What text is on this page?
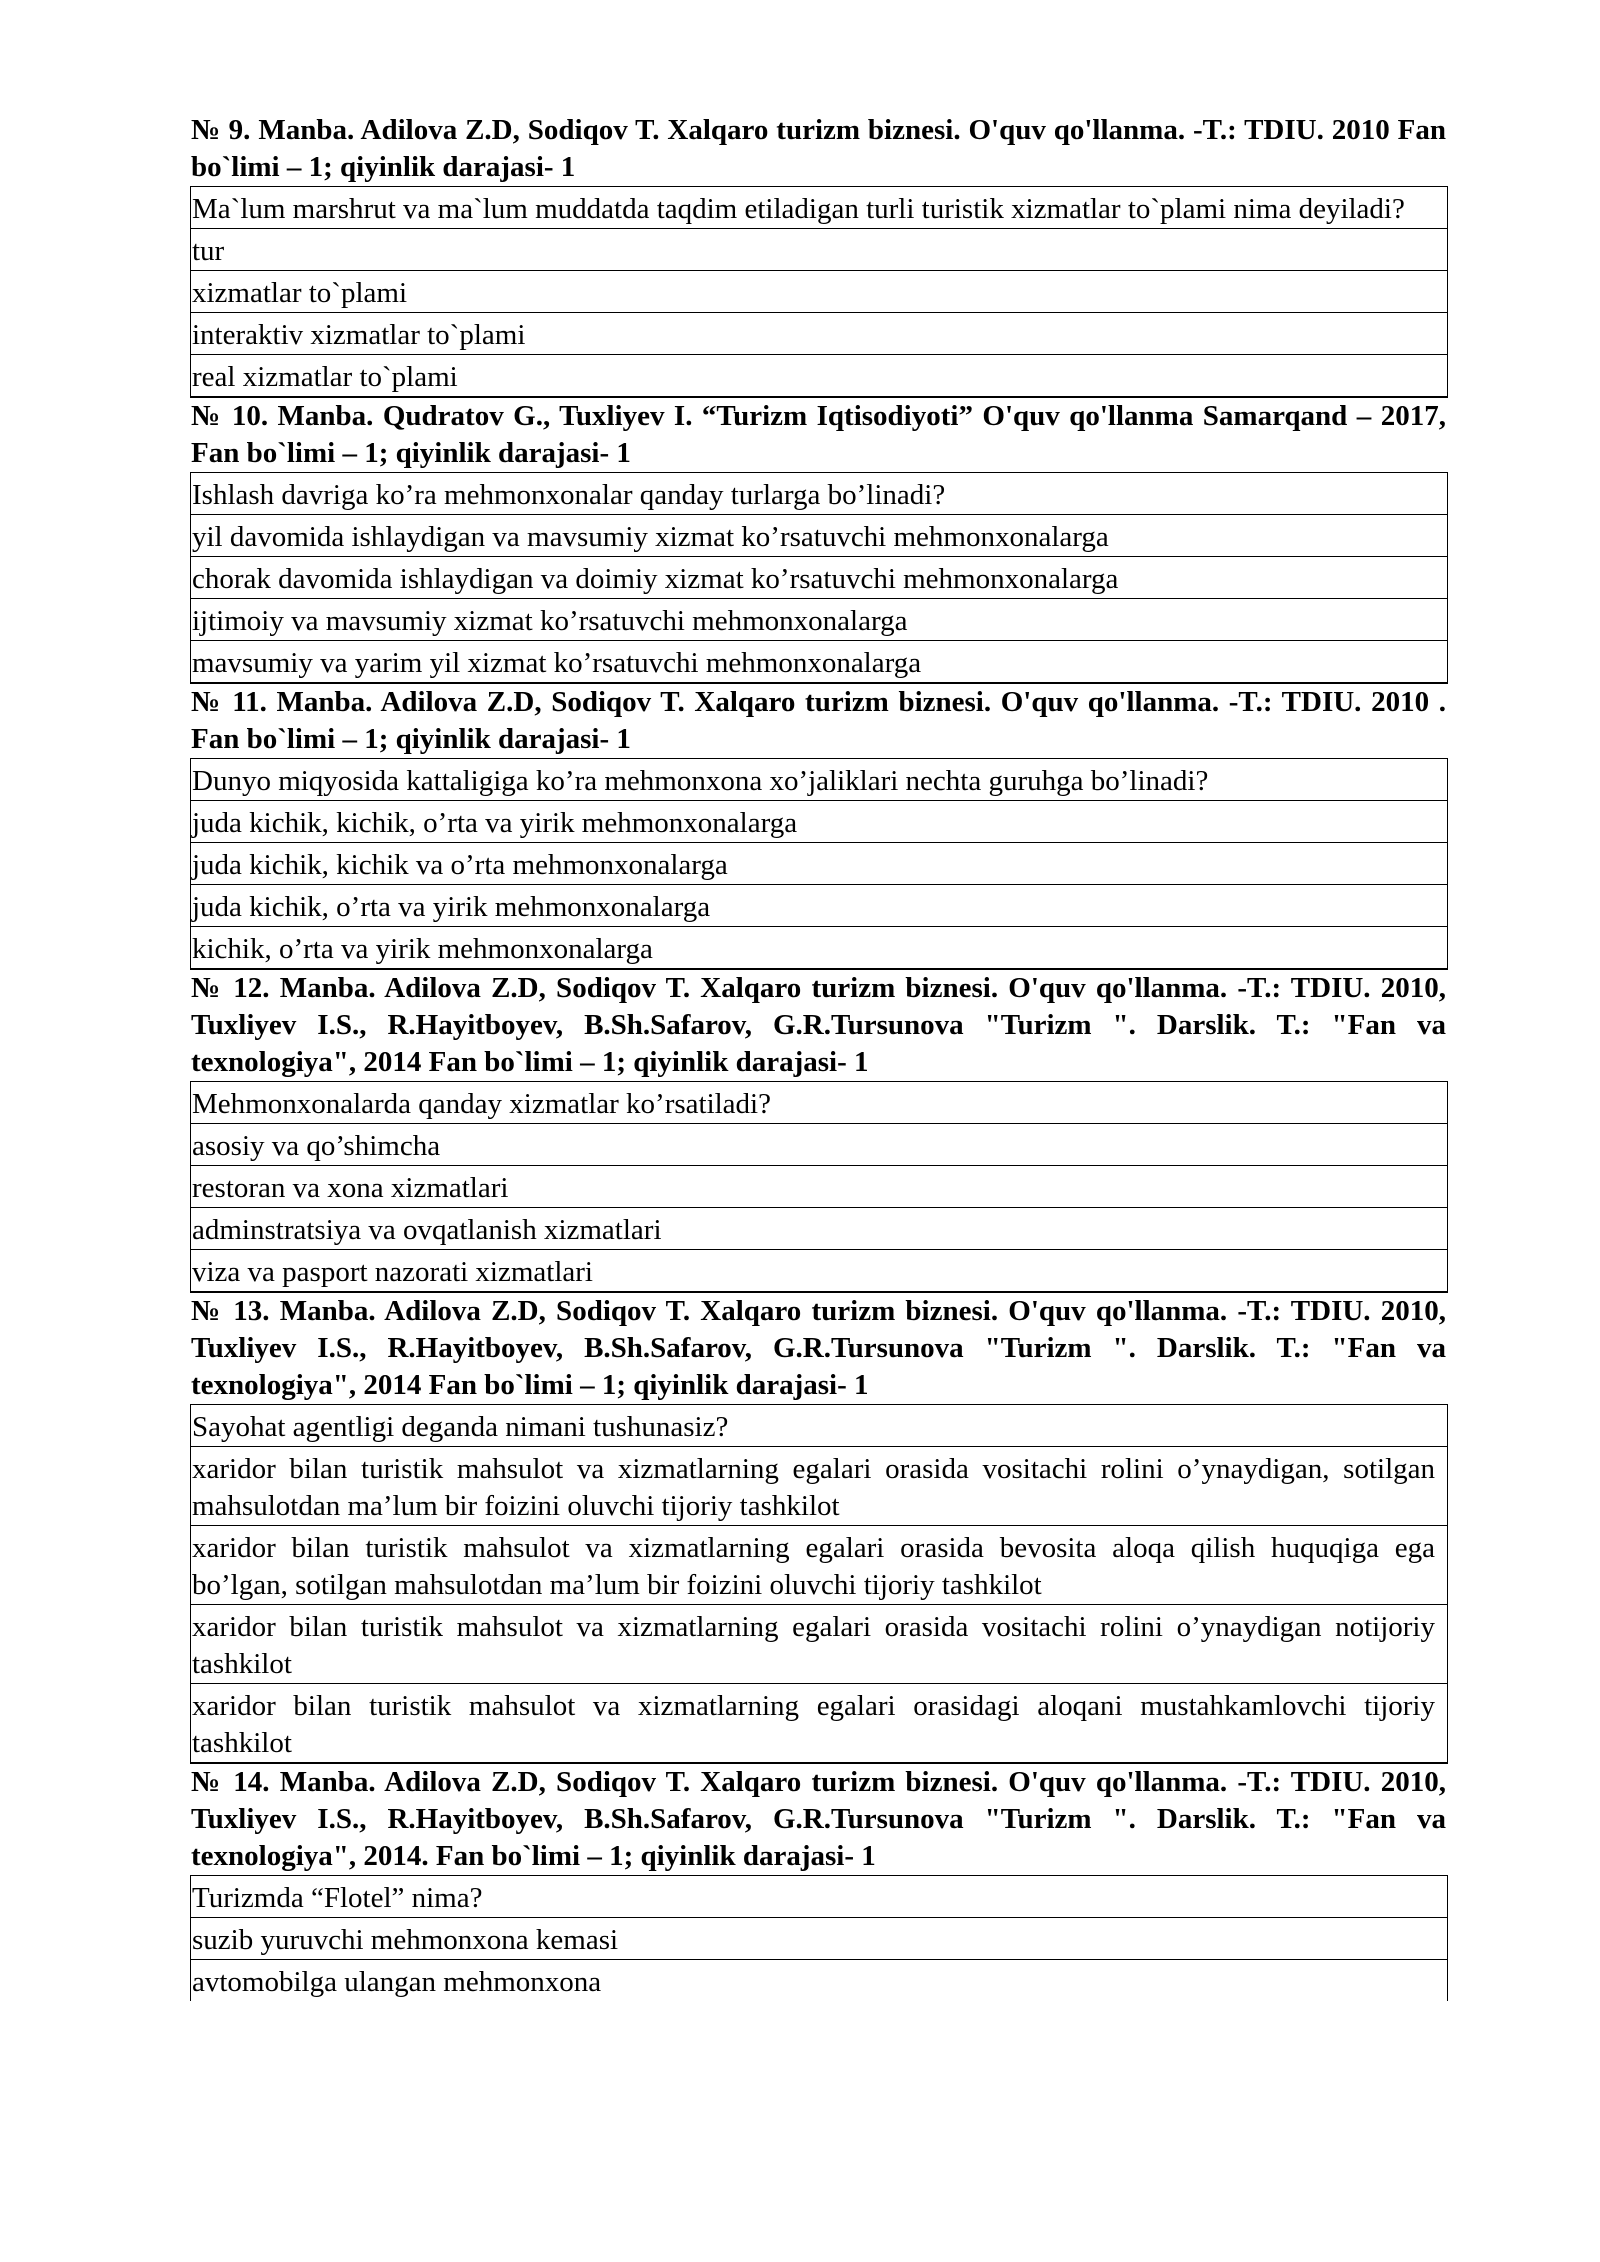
№ 9. Manba. Adilova Z.D, Sodiqov T. Xalqaro turizm biznesi. O'quv qo'llanma. -T.: TDIU. 2010 Fan bo`limi – 1; qiyinlik darajasi- 1

Ma`lum marshrut va ma`lum muddatda taqdim etiladigan turli turistik xizmatlar to`plami nima deyiladi?
tur
xizmatlar to`plami
interaktiv xizmatlar to`plami
real xizmatlar to`plami

№ 10. Manba. Qudratov G., Tuxliyev I. “Turizm Iqtisodiyoti” O'quv qo'llanma Samarqand – 2017, Fan bo`limi – 1; qiyinlik darajasi- 1

Ishlash davriga ko’ra mehmonxonalar qanday turlarga bo’linadi?
yil davomida ishlaydigan va mavsumiy xizmat ko’rsatuvchi mehmonxonalarga
chorak davomida ishlaydigan va doimiy xizmat ko’rsatuvchi mehmonxonalarga
ijtimoiy va mavsumiy xizmat ko’rsatuvchi mehmonxonalarga
mavsumiy va yarim yil xizmat ko’rsatuvchi mehmonxonalarga

№ 11. Manba. Adilova Z.D, Sodiqov T. Xalqaro turizm biznesi. O'quv qo'llanma. -T.: TDIU. 2010 . Fan bo`limi – 1; qiyinlik darajasi- 1

Dunyo miqyosida kattaligiga ko’ra mehmonxona xo’jaliklari nechta guruhga bo’linadi?
juda kichik, kichik, o’rta va yirik mehmonxonalarga
juda kichik, kichik va o’rta mehmonxonalarga
juda kichik, o’rta va yirik mehmonxonalarga
kichik, o’rta va yirik mehmonxonalarga

№ 12. Manba. Adilova Z.D, Sodiqov T. Xalqaro turizm biznesi. O'quv qo'llanma. -T.: TDIU. 2010, Tuxliyev I.S., R.Hayitboyev, B.Sh.Safarov, G.R.Tursunova "Turizm ". Darslik. T.: "Fan va texnologiya", 2014 Fan bo`limi – 1; qiyinlik darajasi- 1

Mehmonxonalarda qanday xizmatlar ko’rsatiladi?
asosiy va qo’shimcha
restoran va xona xizmatlari
adminstratsiya va ovqatlanish xizmatlari
viza va pasport nazorati xizmatlari

№ 13. Manba. Adilova Z.D, Sodiqov T. Xalqaro turizm biznesi. O'quv qo'llanma. -T.: TDIU. 2010, Tuxliyev I.S., R.Hayitboyev, B.Sh.Safarov, G.R.Tursunova "Turizm ". Darslik. T.: "Fan va texnologiya", 2014 Fan bo`limi – 1; qiyinlik darajasi- 1

Sayohat agentligi deganda nimani tushunasiz?
xaridor bilan turistik mahsulot va xizmatlarning egalari orasida vositachi rolini o’ynaydigan, sotilgan mahsulotdan ma’lum bir foizini oluvchi tijoriy tashkilot
xaridor bilan turistik mahsulot va xizmatlarning egalari orasida bevosita aloqa qilish huquqiga ega bo’lgan, sotilgan mahsulotdan ma’lum bir foizini oluvchi tijoriy tashkilot
xaridor bilan turistik mahsulot va xizmatlarning egalari orasida vositachi rolini o’ynaydigan notijoriy tashkilot
xaridor bilan turistik mahsulot va xizmatlarning egalari orasidagi aloqani mustahkamlovchi tijoriy tashkilot

№ 14. Manba. Adilova Z.D, Sodiqov T. Xalqaro turizm biznesi. O'quv qo'llanma. -T.: TDIU. 2010, Tuxliyev I.S., R.Hayitboyev, B.Sh.Safarov, G.R.Tursunova "Turizm ". Darslik. T.: "Fan va texnologiya", 2014. Fan bo`limi – 1; qiyinlik darajasi- 1

Turizmda “Flotel” nima?
suzib yuruvchi mehmonxona kemasi
avtomobilga ulangan mehmonxona
